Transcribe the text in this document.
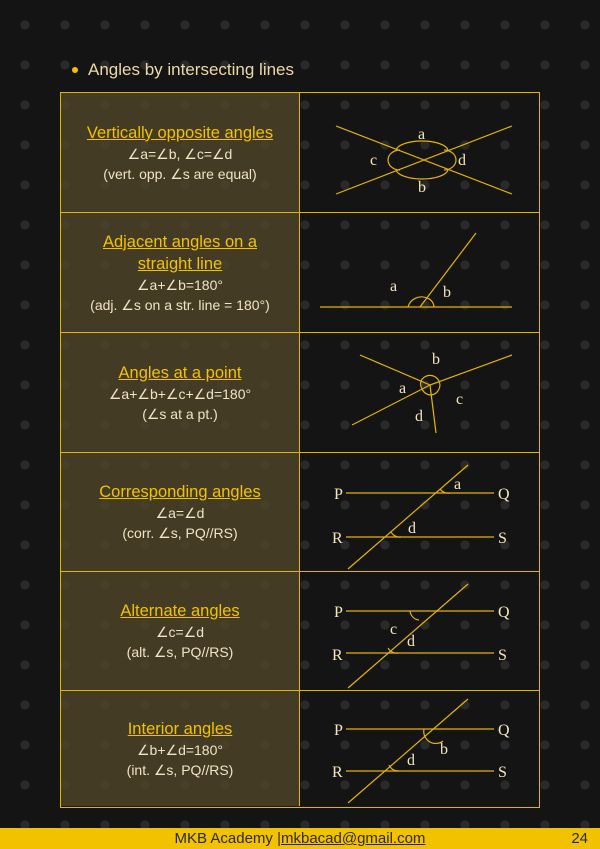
Angles by intersecting lines
Vertically opposite angles
∠a=∠b, ∠c=∠d
(vert. opp. ∠s are equal)
a
b
c	d
Adjacent angles on a straight line
∠a+∠b=180°
(adj. ∠s on a str. line = 180°)
a	b
Angles at a point
∠a+∠b+∠c+∠d=180°
(∠s at a pt.)
b
a
c
d
Corresponding angles
∠a=∠d
(corr. ∠s, PQ//RS)
P	Q
R	S
a
d
Alternate angles
∠c=∠d
(alt. ∠s, PQ//RS)
P	Q
R	S
c
d
Interior angles
∠b+∠d=180°
(int. ∠s, PQ//RS)
P	Q
R	S
b
d
MKB Academy | mkbacad@gmail.com	24
